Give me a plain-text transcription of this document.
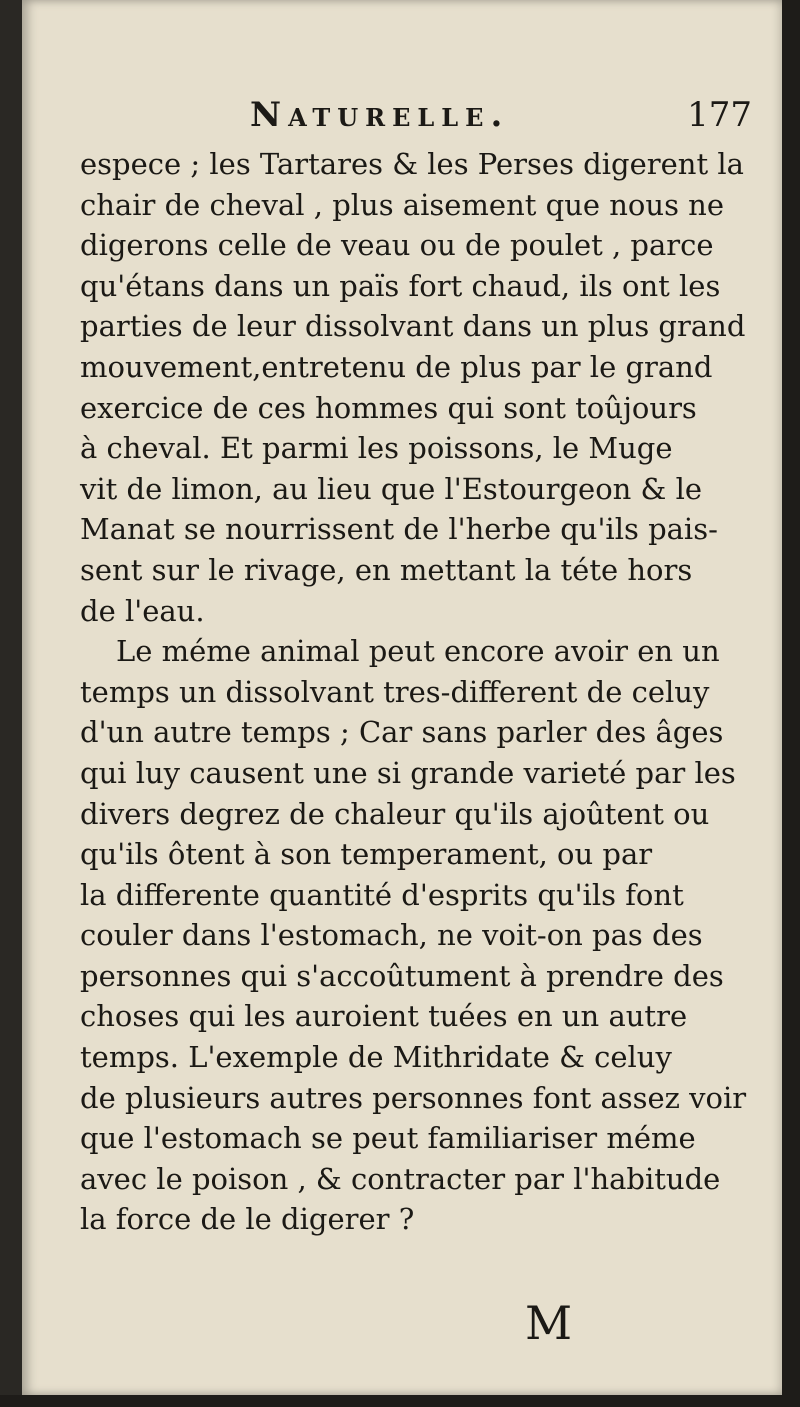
Naturelle.	177

espece ; les Tartares & les Perses digerent la
chair de cheval , plus aisement que nous ne
digerons celle de veau ou de poulet , parce
qu'étans dans un païs fort chaud, ils ont les
parties de leur dissolvant dans un plus grand
mouvement,entretenu de plus par le grand
exercice de ces hommes qui sont toûjours
à cheval. Et parmi les poissons, le Muge
vit de limon, au lieu que l'Estourgeon & le
Manat se nourrissent de l'herbe qu'ils pais-
sent sur le rivage, en mettant la téte hors
de l'eau.

Le méme animal peut encore avoir en un
temps un dissolvant tres-different de celuy
d'un autre temps ; Car sans parler des âges
qui luy causent une si grande varieté par les
divers degrez de chaleur qu'ils ajoûtent ou
qu'ils ôtent à son temperament, ou par
la differente quantité d'esprits qu'ils font
couler dans l'estomach, ne voit-on pas des
personnes qui s'accoûtument à prendre des
choses qui les auroient tuées en un autre
temps. L'exemple de Mithridate & celuy
de plusieurs autres personnes font assez voir
que l'estomach se peut familiariser méme
avec le poison , & contracter par l'habitude
la force de le digerer ?

M
